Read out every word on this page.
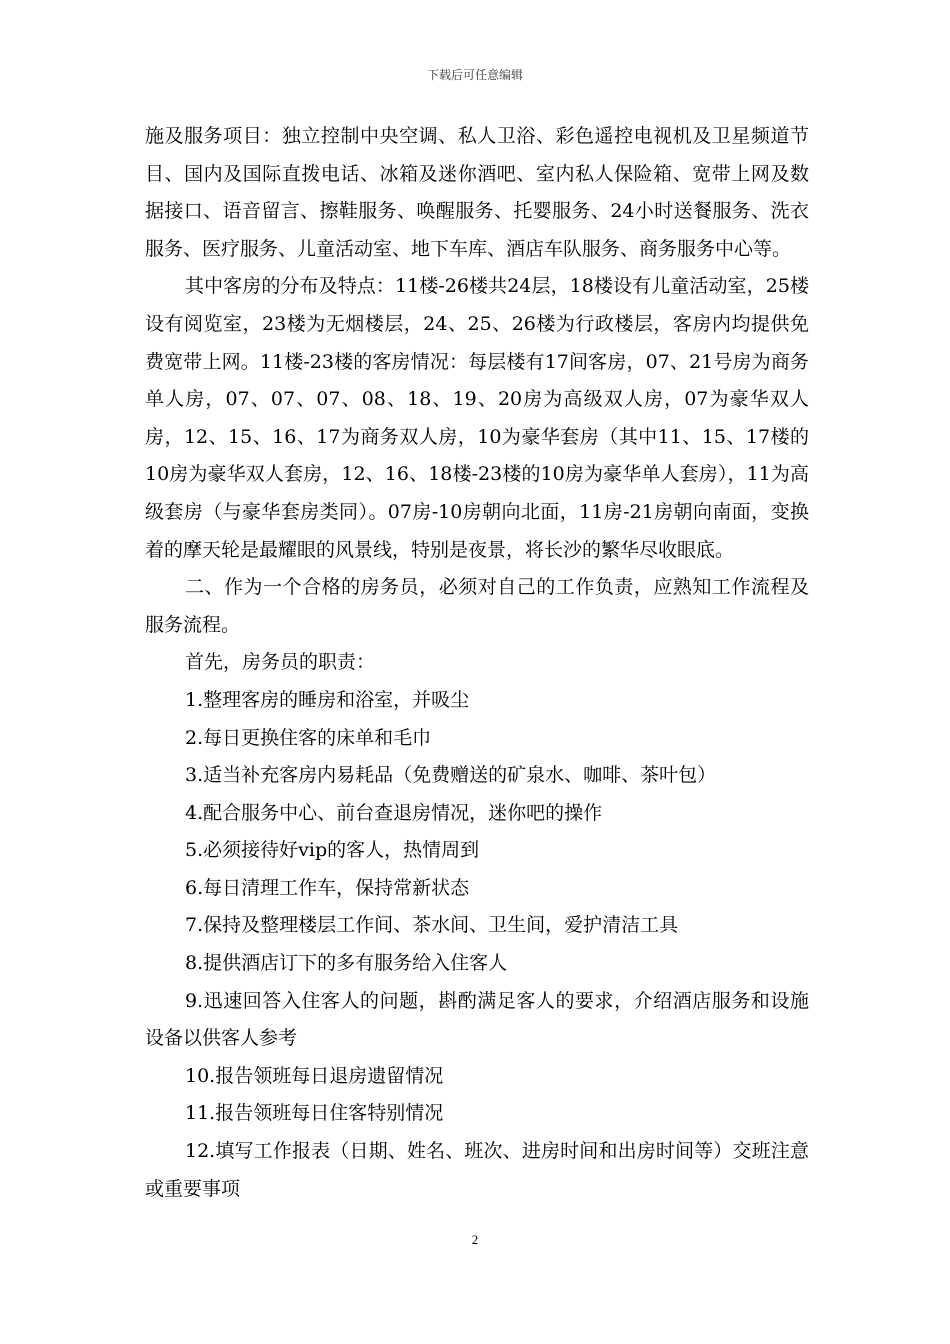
下载后可任意编辑

施及服务项目：独立控制中央空调、私人卫浴、彩色遥控电视机及卫星频道节目、国内及国际直拨电话、冰箱及迷你酒吧、室内私人保险箱、宽带上网及数据接口、语音留言、擦鞋服务、唤醒服务、托婴服务、24小时送餐服务、洗衣服务、医疗服务、儿童活动室、地下车库、酒店车队服务、商务服务中心等。

其中客房的分布及特点：11楼-26楼共24层，18楼设有儿童活动室，25楼设有阅览室，23楼为无烟楼层，24、25、26楼为行政楼层，客房内均提供免费宽带上网。11楼-23楼的客房情况：每层楼有17间客房，07、21号房为商务单人房，07、07、07、08、18、19、20房为高级双人房，07为豪华双人房，12、15、16、17为商务双人房，10为豪华套房（其中11、15、17楼的10房为豪华双人套房，12、16、18楼-23楼的10房为豪华单人套房），11为高级套房（与豪华套房类同）。07房-10房朝向北面，11房-21房朝向南面，变换着的摩天轮是最耀眼的风景线，特别是夜景，将长沙的繁华尽收眼底。

二、作为一个合格的房务员，必须对自己的工作负责，应熟知工作流程及服务流程。

首先，房务员的职责：

1.整理客房的睡房和浴室，并吸尘

2.每日更换住客的床单和毛巾

3.适当补充客房内易耗品（免费赠送的矿泉水、咖啡、茶叶包）

4.配合服务中心、前台查退房情况，迷你吧的操作

5.必须接待好vip的客人，热情周到

6.每日清理工作车，保持常新状态

7.保持及整理楼层工作间、茶水间、卫生间，爱护清洁工具

8.提供酒店订下的多有服务给入住客人

9.迅速回答入住客人的问题，斟酌满足客人的要求，介绍酒店服务和设施设备以供客人参考

10.报告领班每日退房遗留情况

11.报告领班每日住客特别情况

12.填写工作报表（日期、姓名、班次、进房时间和出房时间等）交班注意或重要事项

2
